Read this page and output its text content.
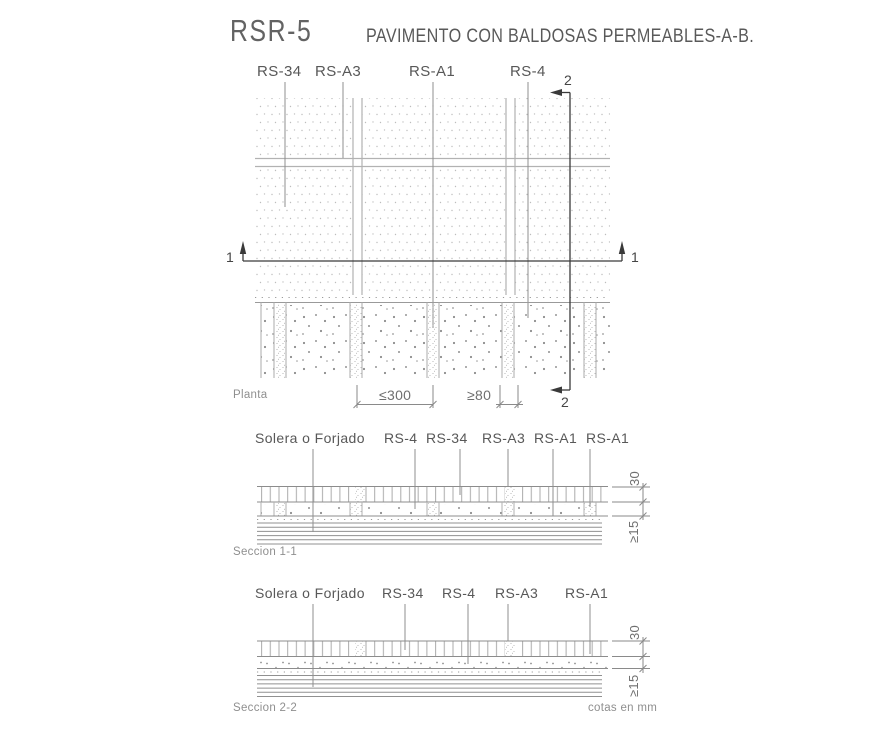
RSR-5	PAVIMENTO CON BALDOSAS PERMEABLES-A-B.
RS-34 RS-A3	RS-A1	RS-4 2
1	1
2
Planta	≤300	≥80
Solera o Forjado RS-4 RS-34 RS-A3 RS-A1 RS-A1
30
≥15
Seccion 1-1
Solera o Forjado RS-34 RS-4 RS-A3 RS-A1
30
≥15
Seccion 2-2	cotas en mm
